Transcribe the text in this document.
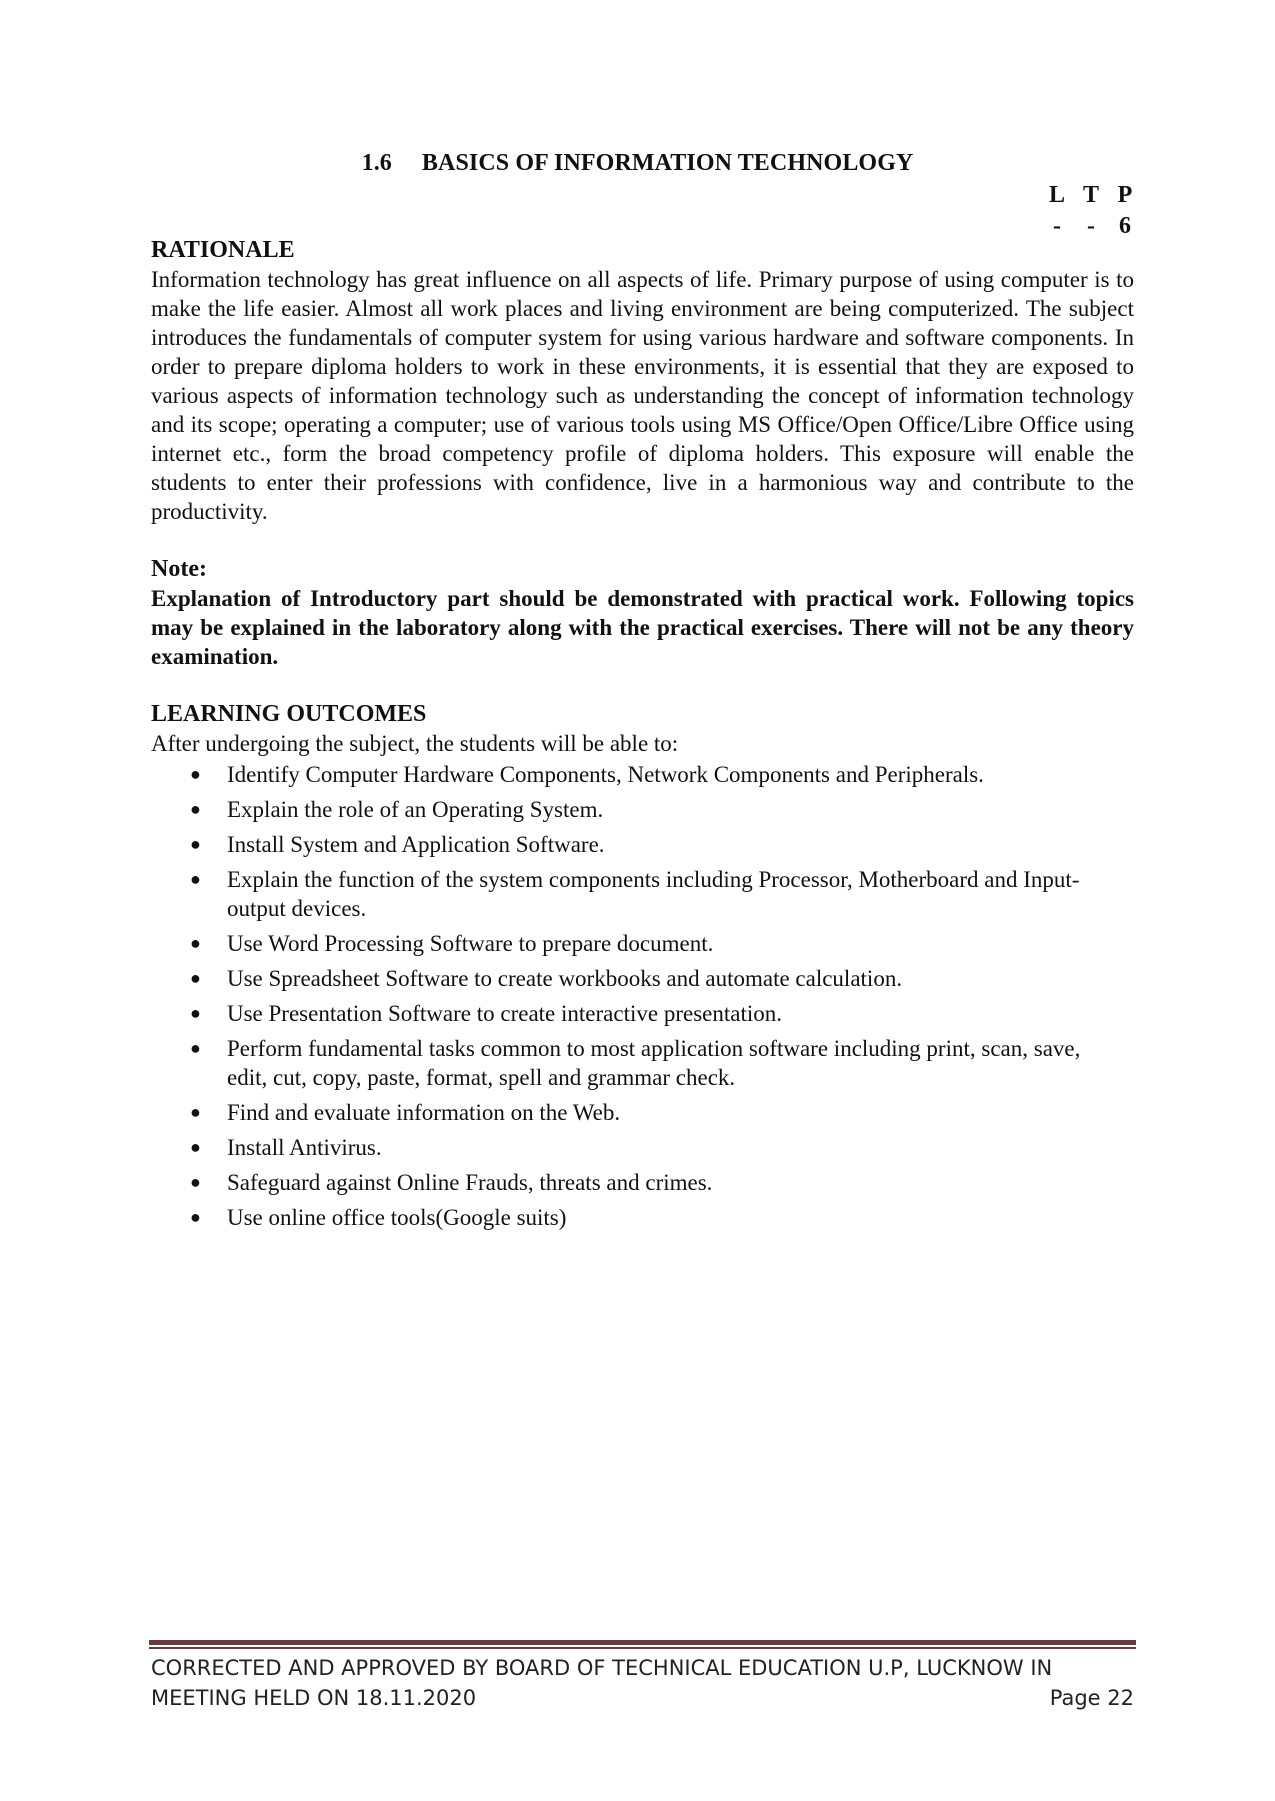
1.6 BASICS OF INFORMATION TECHNOLOGY
L T P
- - 6

RATIONALE

Information technology has great influence on all aspects of life. Primary purpose of using computer is to make the life easier. Almost all work places and living environment are being computerized. The subject introduces the fundamentals of computer system for using various hardware and software components. In order to prepare diploma holders to work in these environments, it is essential that they are exposed to various aspects of information technology such as understanding the concept of information technology and its scope; operating a computer; use of various tools using MS Office/Open Office/Libre Office using internet etc., form the broad competency profile of diploma holders. This exposure will enable the students to enter their professions with confidence, live in a harmonious way and contribute to the productivity.

Note:

Explanation of Introductory part should be demonstrated with practical work. Following topics may be explained in the laboratory along with the practical exercises. There will not be any theory examination.

LEARNING OUTCOMES

After undergoing the subject, the students will be able to:

● Identify Computer Hardware Components, Network Components and Peripherals.
● Explain the role of an Operating System.
● Install System and Application Software.
● Explain the function of the system components including Processor, Motherboard and Input-output devices.
● Use Word Processing Software to prepare document.
● Use Spreadsheet Software to create workbooks and automate calculation.
● Use Presentation Software to create interactive presentation.
● Perform fundamental tasks common to most application software including print, scan, save, edit, cut, copy, paste, format, spell and grammar check.
● Find and evaluate information on the Web.
● Install Antivirus.
● Safeguard against Online Frauds, threats and crimes.
● Use online office tools(Google suits)
CORRECTED AND APPROVED BY BOARD OF TECHNICAL EDUCATION U.P, LUCKNOW IN
MEETING HELD ON 18.11.2020	Page 22
